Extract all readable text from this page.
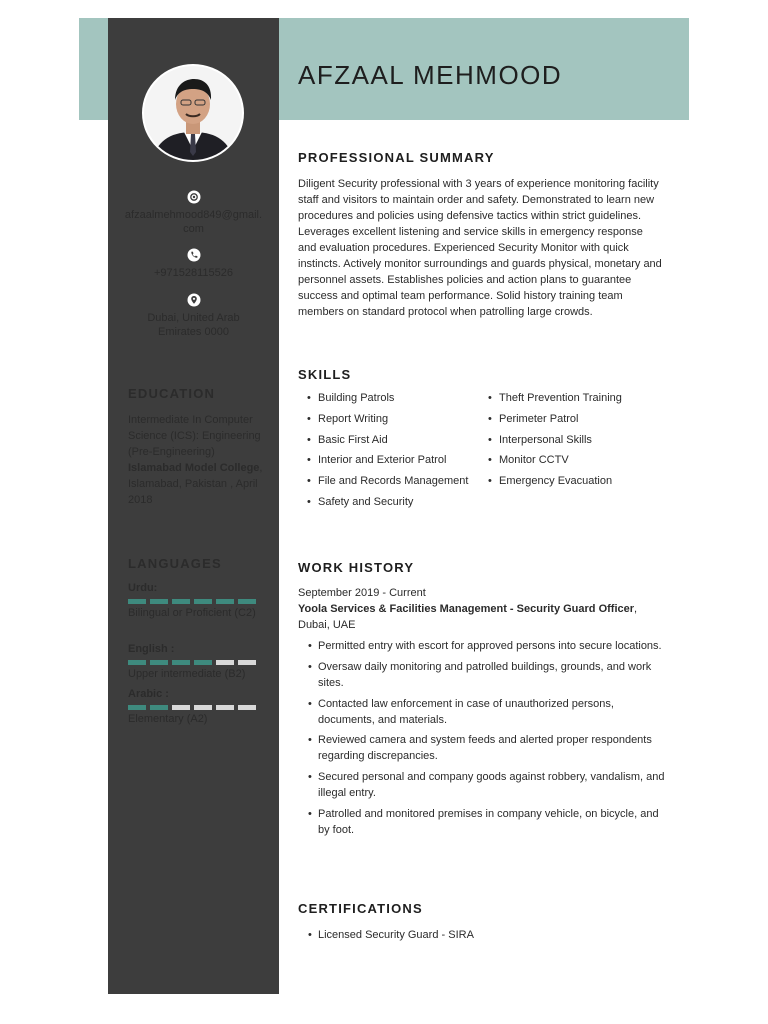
AFZAAL MEHMOOD
afzaalmehmood849@gmail.com
+971528115526
Dubai, United Arab Emirates 0000
EDUCATION
Intermediate In Computer Science (ICS): Engineering (Pre-Engineering)
Islamabad Model College, Islamabad, Pakistan , April 2018
LANGUAGES
Urdu:
Bilingual or Proficient (C2)
English :
Upper intermediate (B2)
Arabic :
Elementary (A2)
PROFESSIONAL SUMMARY
Diligent Security professional with 3 years of experience monitoring facility staff and visitors to maintain order and safety. Demonstrated to learn new procedures and policies using defensive tactics within strict guidelines. Leverages excellent listening and service skills in emergency response and evaluation procedures. Experienced Security Monitor with quick instincts. Actively monitor surroundings and guards physical, monetary and personnel assets. Establishes policies and action plans to guarantee success and optimal team performance. Solid history training team members on standard protocol when patrolling large crowds.
SKILLS
• Building Patrols
• Report Writing
• Basic First Aid
• Interior and Exterior Patrol
• File and Records Management
• Safety and Security
• Theft Prevention Training
• Perimeter Patrol
• Interpersonal Skills
• Monitor CCTV
• Emergency Evacuation
WORK HISTORY
September 2019 - Current
Yoola Services & Facilities Management - Security Guard Officer, Dubai, UAE
• Permitted entry with escort for approved persons into secure locations.
• Oversaw daily monitoring and patrolled buildings, grounds, and work sites.
• Contacted law enforcement in case of unauthorized persons, documents, and materials.
• Reviewed camera and system feeds and alerted proper respondents regarding discrepancies.
• Secured personal and company goods against robbery, vandalism, and illegal entry.
• Patrolled and monitored premises in company vehicle, on bicycle, and by foot.
CERTIFICATIONS
• Licensed Security Guard - SIRA
